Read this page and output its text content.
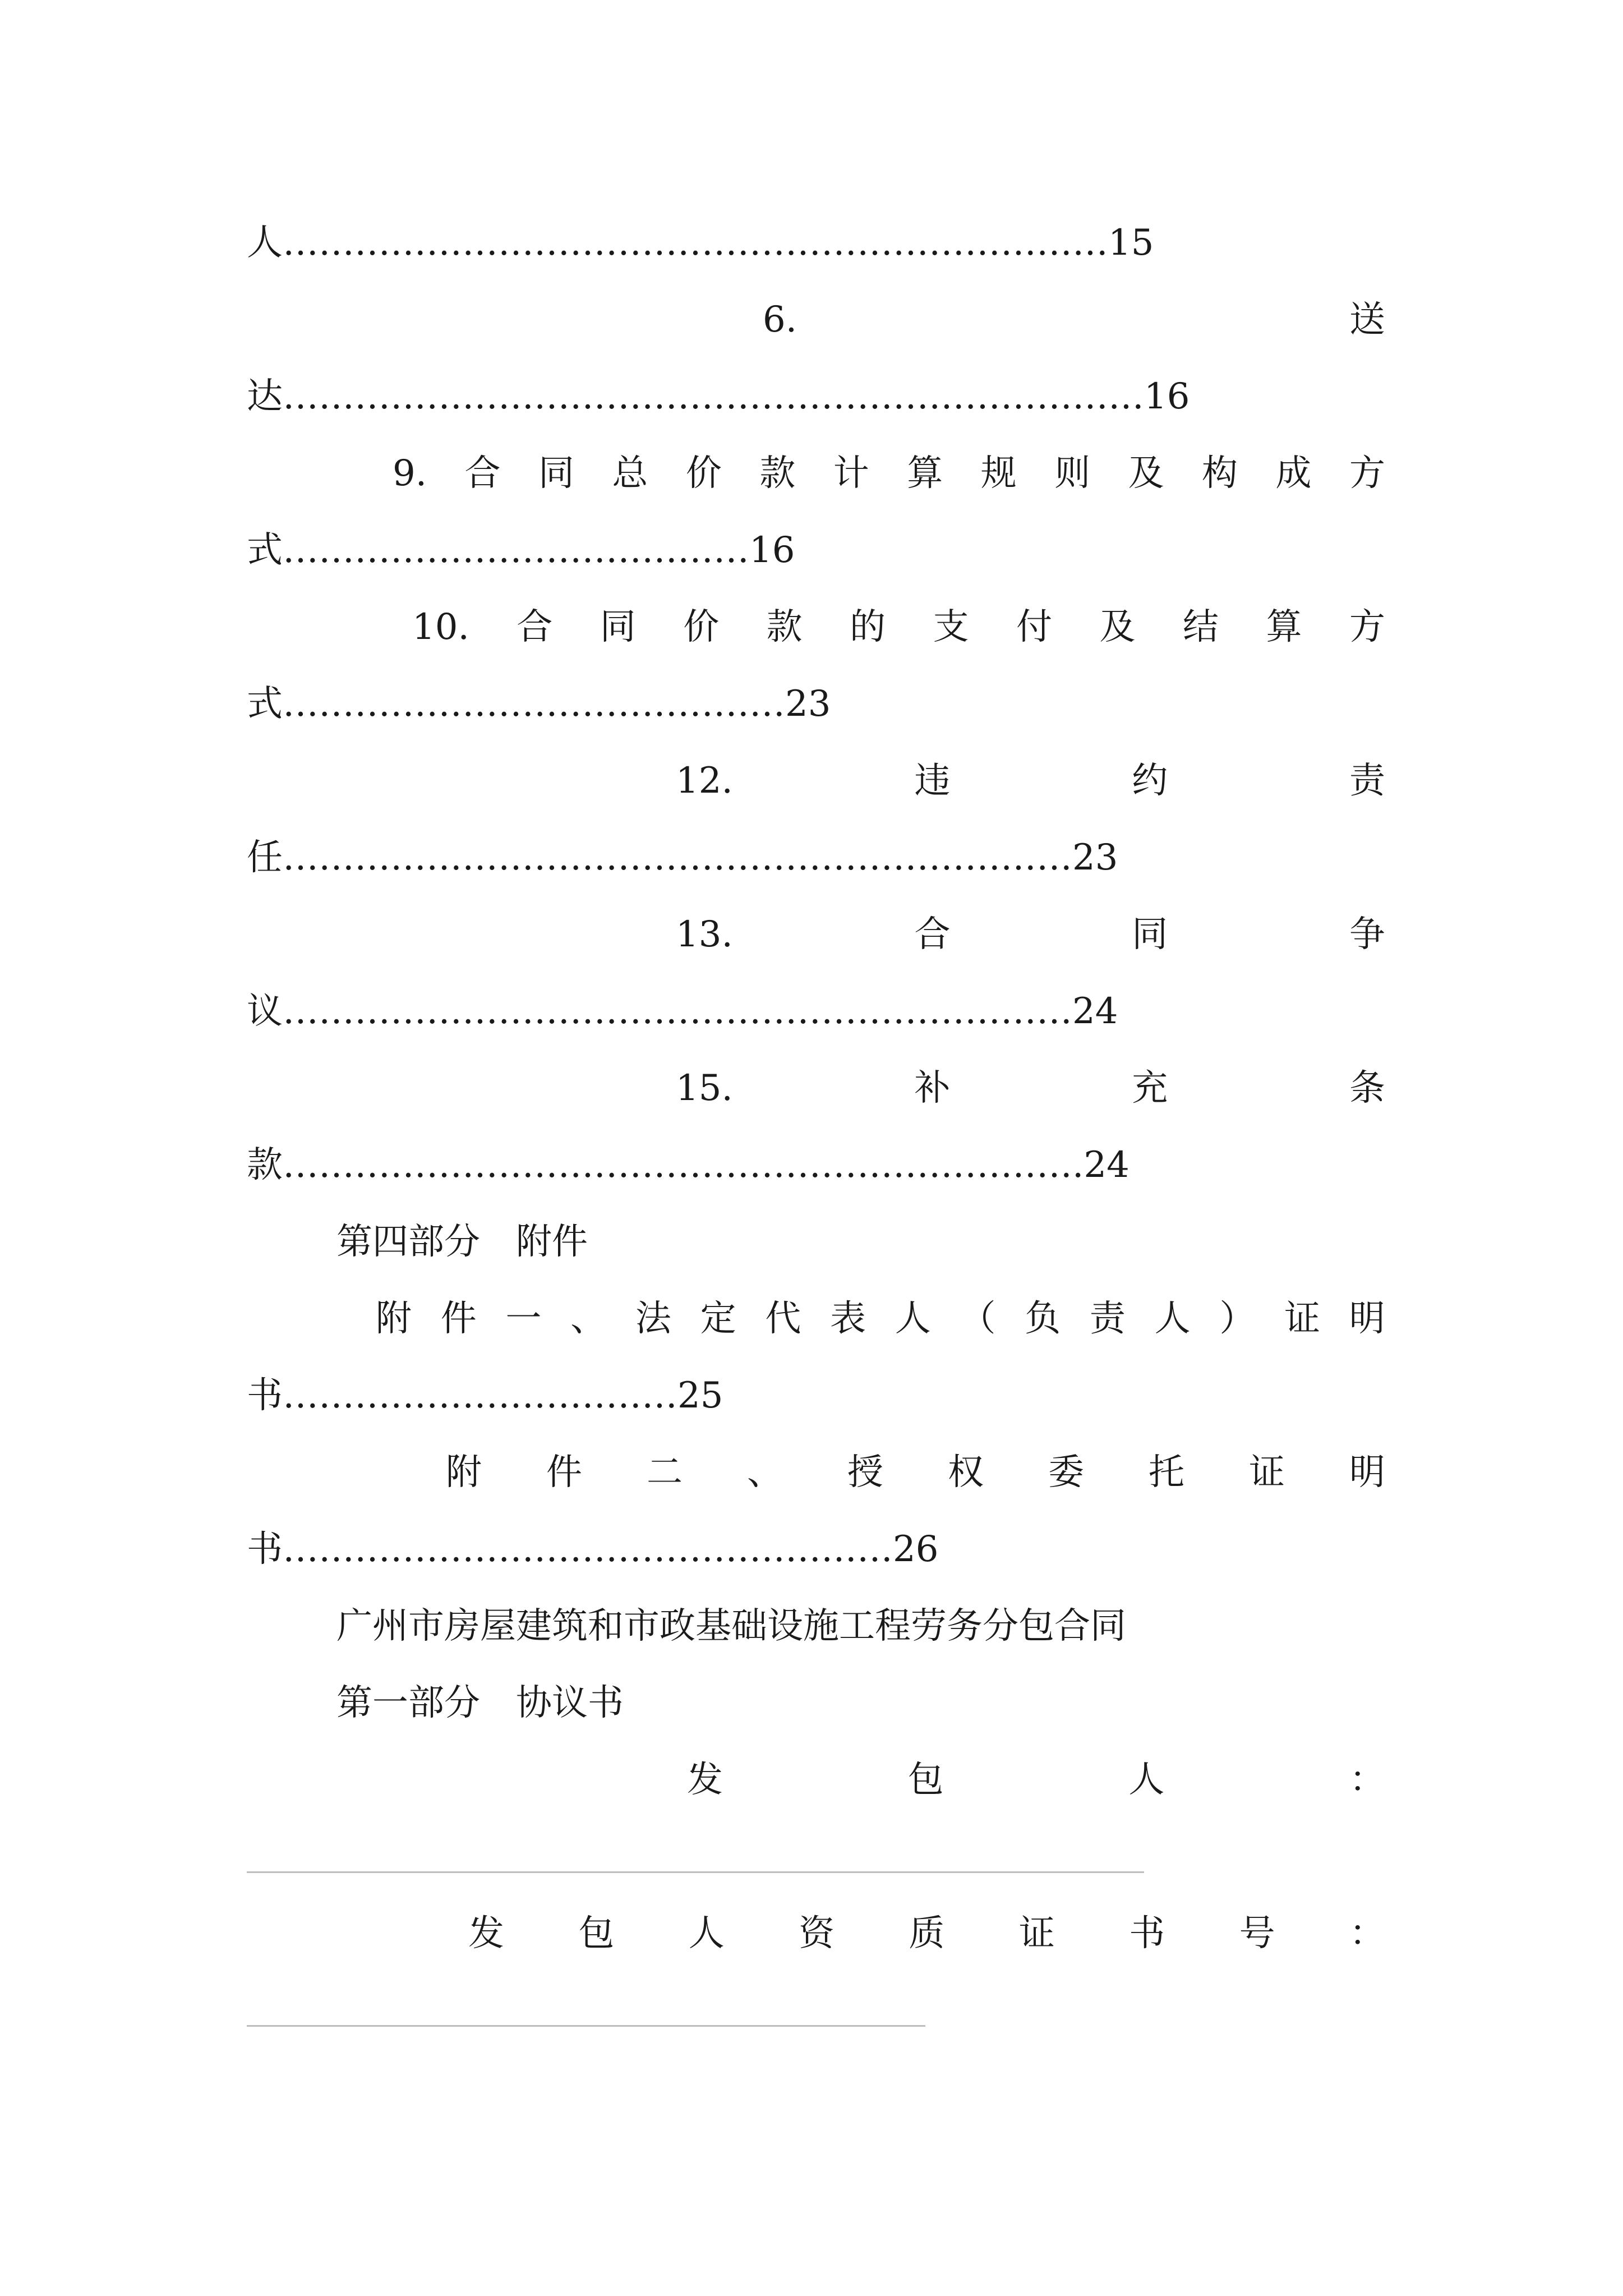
人 …………………………………………………………… 15
6.	送
达 ……………………………………………………………… 16
9. 合 同 总 价 款 计 算 规 则 及 构 成 方
式 ………………………………… 16
10. 合 同 价 款 的 支 付 及 结 算 方
式 …………………………………… 23
12.	违	约	责
任 ………………………………………………………… 23
13.	合	同	争
议 ………………………………………………………… 24
15.	补	充	条
款 ………………………………………………………… .24
第四部分　附件
附 件 一 、 法 定 代 表 人 （ 负 责 人 ） 证 明
书 …………………………… 25
附 件 二 、 授 权 委 托 证 明
书 …………………………………………… 26
广州市房屋建筑和市政基础设施工程劳务分包合同
第一部分　协议书
发	包	人	：
发 包 人 资 质 证 书 号 ：
